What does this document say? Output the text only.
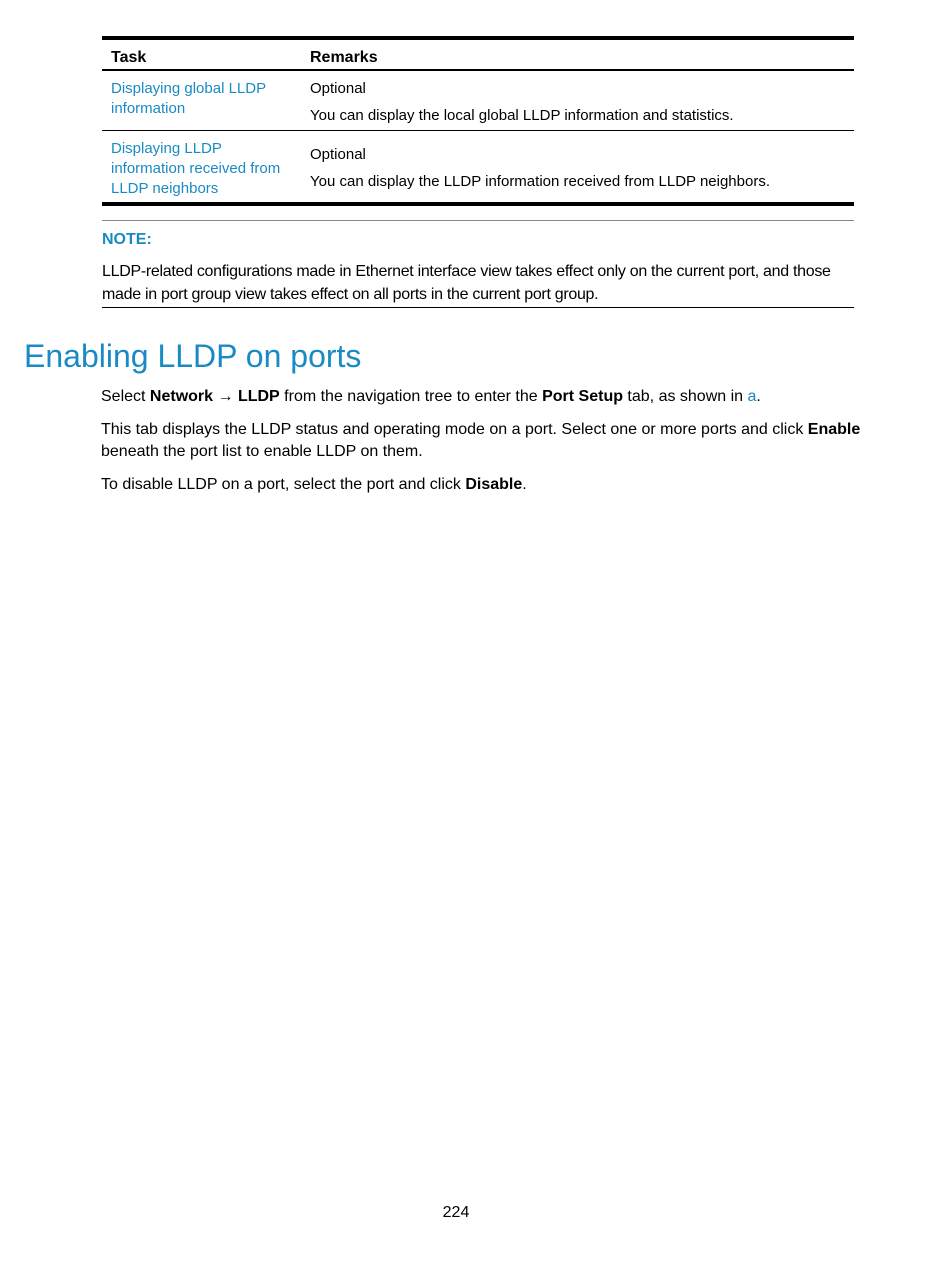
Task	Remarks
Displaying global LLDP information	Optional
You can display the local global LLDP information and statistics.

Displaying LLDP information received from LLDP neighbors	Optional
You can display the LLDP information received from LLDP neighbors.
NOTE:
LLDP-related configurations made in Ethernet interface view takes effect only on the current port, and those made in port group view takes effect on all ports in the current port group.
Enabling LLDP on ports

Select Network → LLDP from the navigation tree to enter the Port Setup tab, as shown in a.

This tab displays the LLDP status and operating mode on a port. Select one or more ports and click Enable beneath the port list to enable LLDP on them.

To disable LLDP on a port, select the port and click Disable.

224
